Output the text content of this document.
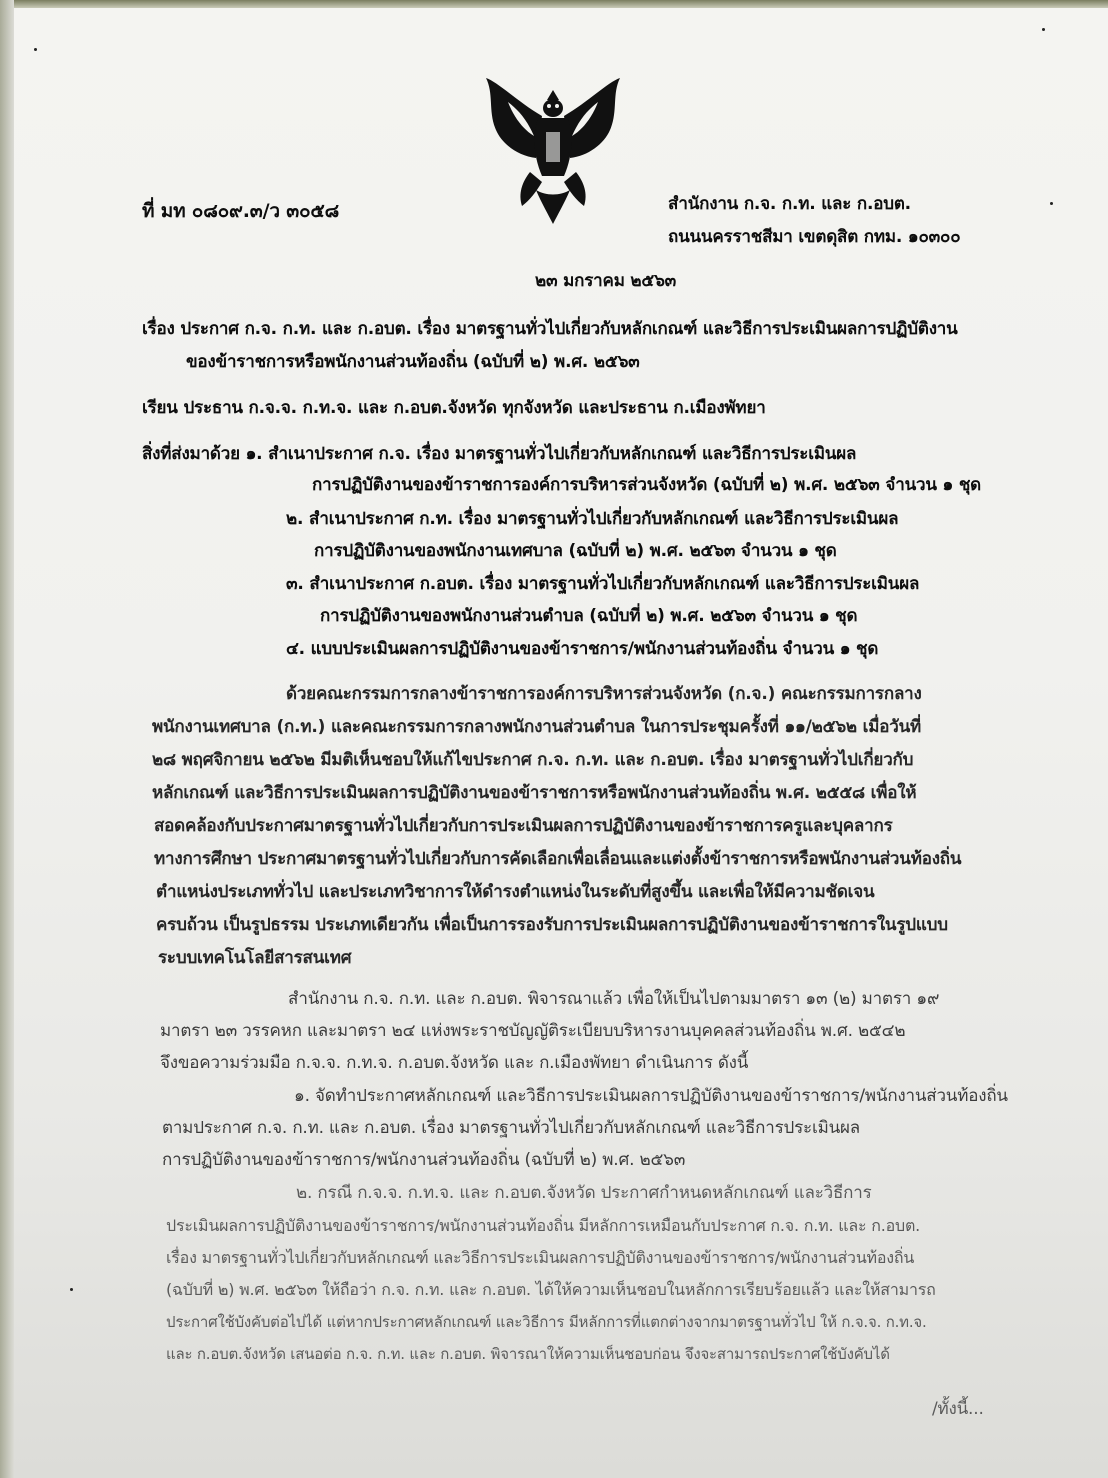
ที่ มท ๐๘๐๙.๓/ว ๓๐๕๘	สำนักงาน ก.จ. ก.ท. และ ก.อบต.
ถนนนครราชสีมา เขตดุสิต กทม. ๑๐๓๐๐
๒๓ มกราคม ๒๕๖๓
เรื่อง ประกาศ ก.จ. ก.ท. และ ก.อบต. เรื่อง มาตรฐานทั่วไปเกี่ยวกับหลักเกณฑ์ และวิธีการประเมินผลการปฏิบัติงาน
ของข้าราชการหรือพนักงานส่วนท้องถิ่น (ฉบับที่ ๒) พ.ศ. ๒๕๖๓
เรียน ประธาน ก.จ.จ. ก.ท.จ. และ ก.อบต.จังหวัด ทุกจังหวัด และประธาน ก.เมืองพัทยา
สิ่งที่ส่งมาด้วย ๑. สำเนาประกาศ ก.จ. เรื่อง มาตรฐานทั่วไปเกี่ยวกับหลักเกณฑ์ และวิธีการประเมินผล
การปฏิบัติงานของข้าราชการองค์การบริหารส่วนจังหวัด (ฉบับที่ ๒) พ.ศ. ๒๕๖๓ จำนวน ๑ ชุด
๒. สำเนาประกาศ ก.ท. เรื่อง มาตรฐานทั่วไปเกี่ยวกับหลักเกณฑ์ และวิธีการประเมินผล
การปฏิบัติงานของพนักงานเทศบาล (ฉบับที่ ๒) พ.ศ. ๒๕๖๓ จำนวน ๑ ชุด
๓. สำเนาประกาศ ก.อบต. เรื่อง มาตรฐานทั่วไปเกี่ยวกับหลักเกณฑ์ และวิธีการประเมินผล
การปฏิบัติงานของพนักงานส่วนตำบล (ฉบับที่ ๒) พ.ศ. ๒๕๖๓ จำนวน ๑ ชุด
๔. แบบประเมินผลการปฏิบัติงานของข้าราชการ/พนักงานส่วนท้องถิ่น จำนวน ๑ ชุด
ด้วยคณะกรรมการกลางข้าราชการองค์การบริหารส่วนจังหวัด (ก.จ.) คณะกรรมการกลาง
พนักงานเทศบาล (ก.ท.) และคณะกรรมการกลางพนักงานส่วนตำบล ในการประชุมครั้งที่ ๑๑/๒๕๖๒ เมื่อวันที่
๒๘ พฤศจิกายน ๒๕๖๒ มีมติเห็นชอบให้แก้ไขประกาศ ก.จ. ก.ท. และ ก.อบต. เรื่อง มาตรฐานทั่วไปเกี่ยวกับ
หลักเกณฑ์ และวิธีการประเมินผลการปฏิบัติงานของข้าราชการหรือพนักงานส่วนท้องถิ่น พ.ศ. ๒๕๕๘ เพื่อให้
สอดคล้องกับประกาศมาตรฐานทั่วไปเกี่ยวกับการประเมินผลการปฏิบัติงานของข้าราชการครูและบุคลากร
ทางการศึกษา ประกาศมาตรฐานทั่วไปเกี่ยวกับการคัดเลือกเพื่อเลื่อนและแต่งตั้งข้าราชการหรือพนักงานส่วนท้องถิ่น
ตำแหน่งประเภททั่วไป และประเภทวิชาการให้ดำรงตำแหน่งในระดับที่สูงขึ้น และเพื่อให้มีความชัดเจน
ครบถ้วน เป็นรูปธรรม ประเภทเดียวกัน เพื่อเป็นการรองรับการประเมินผลการปฏิบัติงานของข้าราชการในรูปแบบ
ระบบเทคโนโลยีสารสนเทศ
สำนักงาน ก.จ. ก.ท. และ ก.อบต. พิจารณาแล้ว เพื่อให้เป็นไปตามมาตรา ๑๓ (๒) มาตรา ๑๙
มาตรา ๒๓ วรรคหก และมาตรา ๒๔ แห่งพระราชบัญญัติระเบียบบริหารงานบุคคลส่วนท้องถิ่น พ.ศ. ๒๕๔๒
จึงขอความร่วมมือ ก.จ.จ. ก.ท.จ. ก.อบต.จังหวัด และ ก.เมืองพัทยา ดำเนินการ ดังนี้
๑. จัดทำประกาศหลักเกณฑ์ และวิธีการประเมินผลการปฏิบัติงานของข้าราชการ/พนักงานส่วนท้องถิ่น
ตามประกาศ ก.จ. ก.ท. และ ก.อบต. เรื่อง มาตรฐานทั่วไปเกี่ยวกับหลักเกณฑ์ และวิธีการประเมินผล
การปฏิบัติงานของข้าราชการ/พนักงานส่วนท้องถิ่น (ฉบับที่ ๒) พ.ศ. ๒๕๖๓
๒. กรณี ก.จ.จ. ก.ท.จ. และ ก.อบต.จังหวัด ประกาศกำหนดหลักเกณฑ์ และวิธีการ
ประเมินผลการปฏิบัติงานของข้าราชการ/พนักงานส่วนท้องถิ่น มีหลักการเหมือนกับประกาศ ก.จ. ก.ท. และ ก.อบต.
เรื่อง มาตรฐานทั่วไปเกี่ยวกับหลักเกณฑ์ และวิธีการประเมินผลการปฏิบัติงานของข้าราชการ/พนักงานส่วนท้องถิ่น
(ฉบับที่ ๒) พ.ศ. ๒๕๖๓ ให้ถือว่า ก.จ. ก.ท. และ ก.อบต. ได้ให้ความเห็นชอบในหลักการเรียบร้อยแล้ว และให้สามารถ
ประกาศใช้บังคับต่อไปได้ แต่หากประกาศหลักเกณฑ์ และวิธีการ มีหลักการที่แตกต่างจากมาตรฐานทั่วไป ให้ ก.จ.จ. ก.ท.จ.
และ ก.อบต.จังหวัด เสนอต่อ ก.จ. ก.ท. และ ก.อบต. พิจารณาให้ความเห็นชอบก่อน จึงจะสามารถประกาศใช้บังคับได้
/ทั้งนี้...
